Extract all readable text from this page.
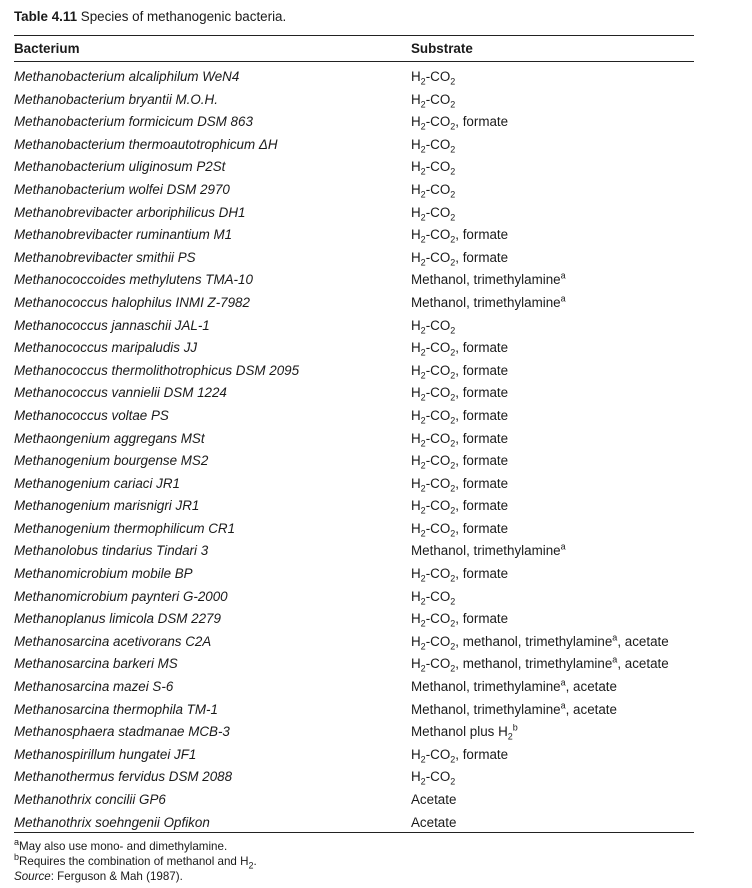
Table 4.11 Species of methanogenic bacteria.
Bacterium	Substrate
Methanobacterium alcaliphilum WeN4	$H_2-CO_2$
Methanobacterium bryantii M.O.H.	$H_2-CO_2$
Methanobacterium formicicum DSM 863	$H_2-CO_2$, formate
Methanobacterium thermoautotrophicum ΔH	$H_2-CO_2$
Methanobacterium uliginosum P2St	$H_2-CO_2$
Methanobacterium wolfei DSM 2970	$H_2-CO_2$
Methanobrevibacter arboriphilicus DH1	$H_2-CO_2$
Methanobrevibacter ruminantium M1	$H_2-CO_2$, formate
Methanobrevibacter smithii PS	$H_2-CO_2$, formate
Methanococcoides methylutens TMA-10	Methanol, trimethylamine$^a$
Methanococcus halophilus INMI Z-7982	Methanol, trimethylamine$^a$
Methanococcus jannaschii JAL-1	$H_2-CO_2$
Methanococcus maripaludis JJ	$H_2-CO_2$, formate
Methanococcus thermolithotrophicus DSM 2095	$H_2-CO_2$, formate
Methanococcus vannielii DSM 1224	$H_2-CO_2$, formate
Methanococcus voltae PS	$H_2-CO_2$, formate
Methaongenium aggregans MSt	$H_2-CO_2$, formate
Methanogenium bourgense MS2	$H_2-CO_2$, formate
Methanogenium cariaci JR1	$H_2-CO_2$, formate
Methanogenium marisnigri JR1	$H_2-CO_2$, formate
Methanogenium thermophilicum CR1	$H_2-CO_2$, formate
Methanolobus tindarius Tindari 3	Methanol, trimethylamine$^a$
Methanomicrobium mobile BP	$H_2-CO_2$, formate
Methanomicrobium paynteri G-2000	$H_2-CO_2$
Methanoplanus limicola DSM 2279	$H_2-CO_2$, formate
Methanosarcina acetivorans C2A	$H_2-CO_2$, methanol, trimethylamine$^a$, acetate
Methanosarcina barkeri MS	$H_2-CO_2$, methanol, trimethylamine$^a$, acetate
Methanosarcina mazei S-6	Methanol, trimethylamine$^a$, acetate
Methanosarcina thermophila TM-1	Methanol, trimethylamine$^a$, acetate
Methanosphaera stadmanae MCB-3	Methanol plus $H_2^b$
Methanospirillum hungatei JF1	$H_2-CO_2$, formate
Methanothermus fervidus DSM 2088	$H_2-CO_2$
Methanothrix concilii GP6	Acetate
Methanothrix soehngenii Opfikon	Acetate
$^a$May also use mono- and dimethylamine.
$^b$Requires the combination of methanol and $H_2$.
Source: Ferguson & Mah (1987).
